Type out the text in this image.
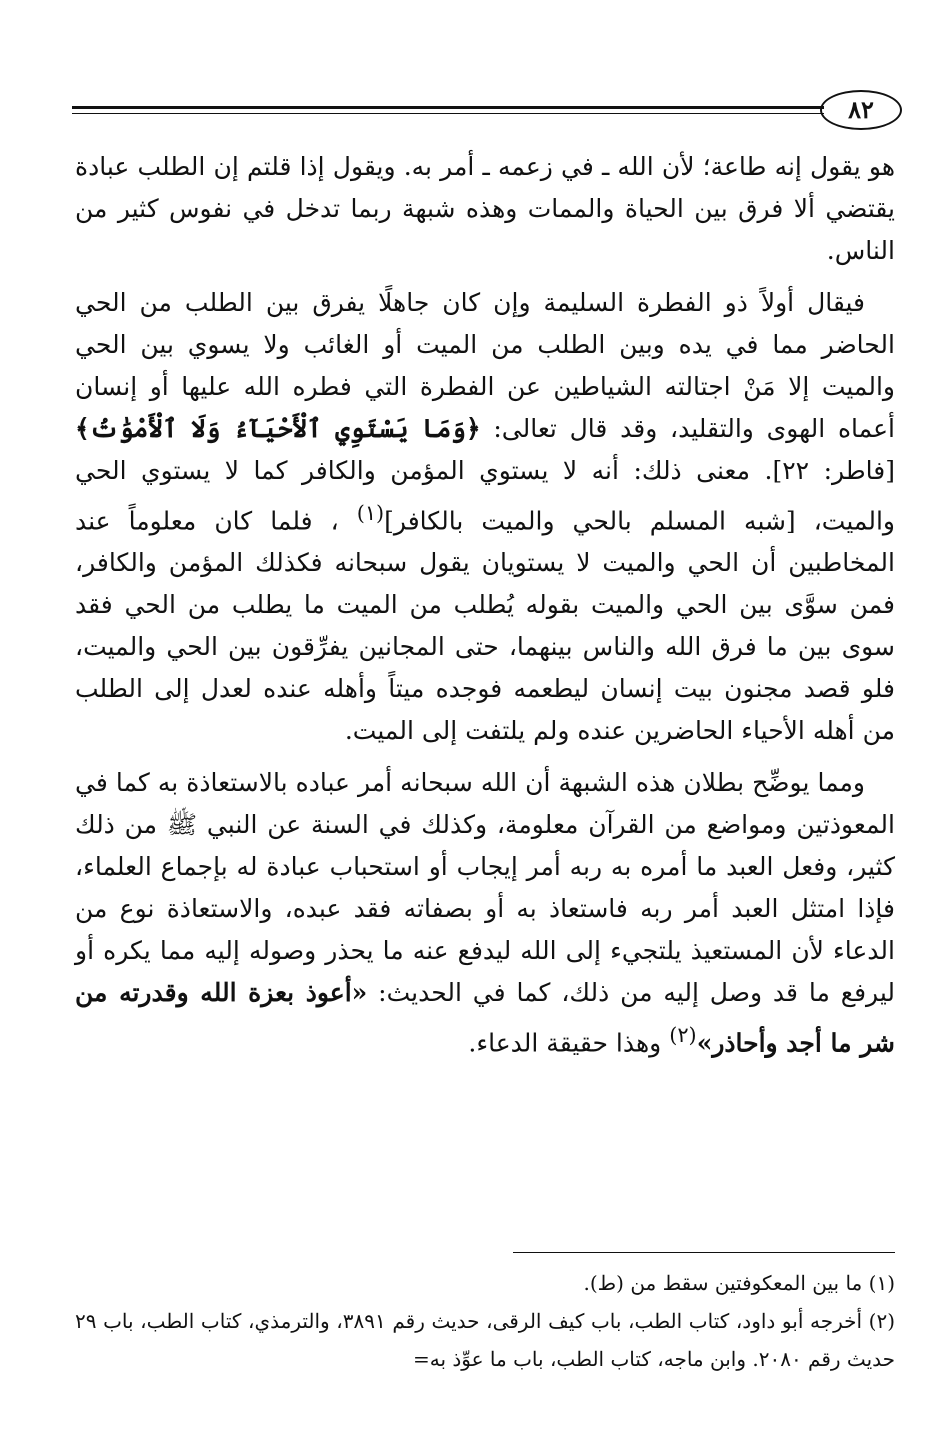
٨٢

هو يقول إنه طاعة؛ لأن الله ـ في زعمه ـ أمر به. ويقول إذا قلتم إن الطلب عبادة يقتضي ألا فرق بين الحياة والممات وهذه شبهة ربما تدخل في نفوس كثير من الناس.

فيقال أولاً ذو الفطرة السليمة وإن كان جاهلًا يفرق بين الطلب من الحي الحاضر مما في يده وبين الطلب من الميت أو الغائب ولا يسوي بين الحي والميت إلا مَنْ اجتالته الشياطين عن الفطرة التي فطره الله عليها أو إنسان أعماه الهوى والتقليد، وقد قال تعالى: ﴿وَمَا يَسْتَوِي ٱلْأَحْيَآءُ وَلَا ٱلْأَمْوَٰتُ﴾ [فاطر: ٢٢]. معنى ذلك: أنه لا يستوي المؤمن والكافر كما لا يستوي الحي والميت، [شبه المسلم بالحي والميت بالكافر]$^{(١)}$ ، فلما كان معلوماً عند المخاطبين أن الحي والميت لا يستويان يقول سبحانه فكذلك المؤمن والكافر، فمن سوَّى بين الحي والميت بقوله يُطلب من الميت ما يطلب من الحي فقد سوى بين ما فرق الله والناس بينهما، حتى المجانين يفرِّقون بين الحي والميت، فلو قصد مجنون بيت إنسان ليطعمه فوجده ميتاً وأهله عنده لعدل إلى الطلب من أهله الأحياء الحاضرين عنده ولم يلتفت إلى الميت.

ومما يوضِّح بطلان هذه الشبهة أن الله سبحانه أمر عباده بالاستعاذة به كما في المعوذتين ومواضع من القرآن معلومة، وكذلك في السنة عن النبي ﷺ من ذلك كثير، وفعل العبد ما أمره به ربه أمر إيجاب أو استحباب عبادة له بإجماع العلماء، فإذا امتثل العبد أمر ربه فاستعاذ به أو بصفاته فقد عبده، والاستعاذة نوع من الدعاء لأن المستعيذ يلتجيء إلى الله ليدفع عنه ما يحذر وصوله إليه مما يكره أو ليرفع ما قد وصل إليه من ذلك، كما في الحديث: «أعوذ بعزة الله وقدرته من شر ما أجد وأحاذر»$^{(٢)}$ وهذا حقيقة الدعاء.

(١) ما بين المعكوفتين سقط من (ط).

(٢) أخرجه أبو داود، كتاب الطب، باب كيف الرقى، حديث رقم ٣٨٩١، والترمذي، كتاب الطب، باب ٢٩ حديث رقم ٢٠٨٠. وابن ماجه، كتاب الطب، باب ما عوِّذ به=
